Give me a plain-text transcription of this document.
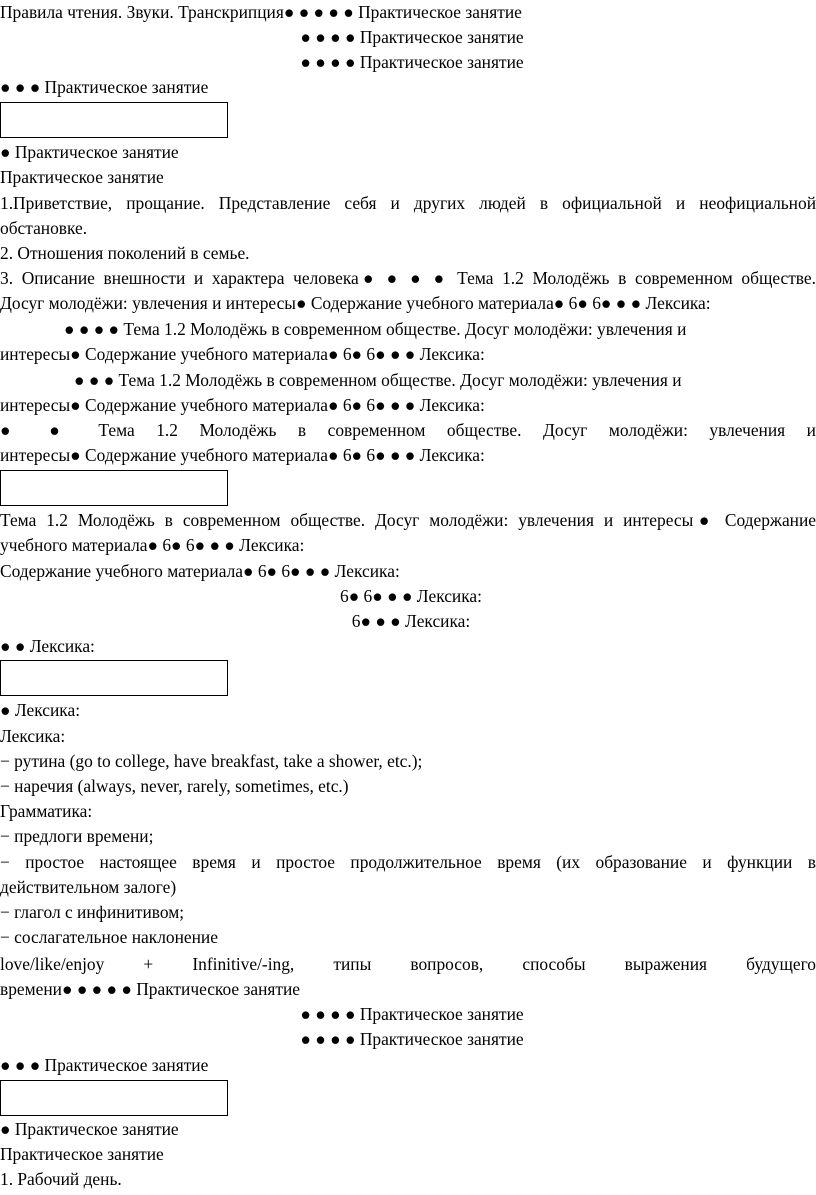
Правила чтения. Звуки. Транскрипция● ● ● ● ● Практическое занятие
● ● ● ● Практическое занятие
● ● ● ● Практическое занятие
● ● ● Практическое занятие
● Практическое занятие
Практическое занятие
1.Приветствие, прощание. Представление себя и других людей в официальной и неофициальной
обстановке.
2. Отношения поколений в семье.
3. Описание внешности и характера человека● ● ● ● Тема 1.2 Молодёжь в современном обществе.
Досуг молодёжи: увлечения и интересы● Содержание учебного материала● 6● 6● ● ● Лексика:
● ● ● ● Тема 1.2 Молодёжь в современном обществе. Досуг молодёжи: увлечения и
интересы● Содержание учебного материала● 6● 6● ● ● Лексика:
● ● ● Тема 1.2 Молодёжь в современном обществе. Досуг молодёжи: увлечения и
интересы● Содержание учебного материала● 6● 6● ● ● Лексика:
● ● Тема 1.2 Молодёжь в современном обществе. Досуг молодёжи: увлечения и
интересы● Содержание учебного материала● 6● 6● ● ● Лексика:
Тема 1.2 Молодёжь в современном обществе. Досуг молодёжи: увлечения и интересы● Содержание
учебного материала● 6● 6● ● ● Лексика:
Содержание учебного материала● 6● 6● ● ● Лексика:
6● 6● ● ● Лексика:
6● ● ● Лексика:
● ● Лексика:
● Лексика:
Лексика:
− рутина (go to college, have breakfast, take a shower, etc.);
− наречия (always, never, rarely, sometimes, etc.)
Грамматика:
− предлоги времени;
− простое настоящее время и простое продолжительное время (их образование и функции в
действительном залоге)
− глагол с инфинитивом;
− сослагательное наклонение
love/like/enjoy + Infinitive/-ing, типы вопросов, способы выражения будущего
времени● ● ● ● ● Практическое занятие
● ● ● ● Практическое занятие
● ● ● ● Практическое занятие
● ● ● Практическое занятие
● Практическое занятие
Практическое занятие
1. Рабочий день.
